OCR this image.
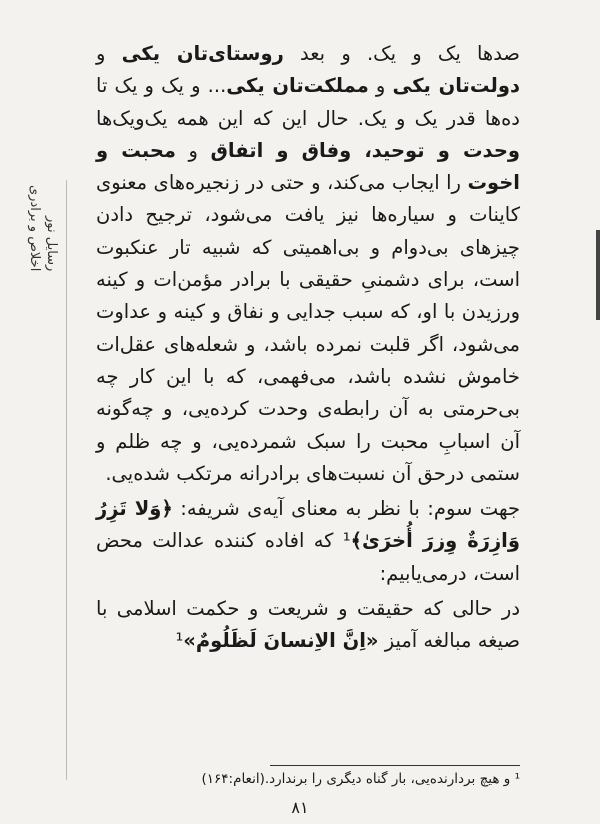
رسایل نور
اخلاص و برادری

صدها یک و یک. و بعد روستای‌تان یکی و دولت‌تان یکی و مملکت‌تان یکی... و یک و یک تا ده‌ها قدر یک و یک. حال این که این همه یک‌ویک‌ها وحدت و توحید، وفاق و اتفاق و محبت و اخوت را ایجاب می‌کند، و حتی در زنجیره‌های معنوی کاینات و سیاره‌ها نیز یافت می‌شود، ترجیح دادن چیزهای بی‌دوام و بی‌اهمیتی که شبیه تار عنکبوت است، برای دشمنیِ حقیقی با برادر مؤمن‌ات و کینه ورزیدن با او، که سبب جدایی و نفاق و کینه و عداوت می‌شود، اگر قلبت نمرده باشد، و شعله‌های عقل‌ات خاموش نشده باشد، می‌فهمی، که با این کار چه بی‌حرمتی به آن رابطه‌ی وحدت کرده‌یی، و چه‌گونه آن اسبابِ محبت را سبک شمرده‌یی، و چه ظلم و ستمی درحق آن نسبت‌های برادرانه مرتکب شده‌یی.

جهت سوم: با نظر به معنای آیه‌ی شریفه: ﴿وَلا تَزِرُ وَازِرَةٌ وِزرَ أُخرَیٰ﴾¹ که افاده کننده عدالت محض است، درمی‌یابیم:

در حالی که حقیقت و شریعت و حکمت اسلامی با صیغه مبالغه آمیز «اِنَّ الاِنسانَ لَظَلُومٌ»¹

¹ و هیچ بردارنده‌یی، بار گناه دیگری را برندارد.(انعام:۱۶۴)
۸۱
